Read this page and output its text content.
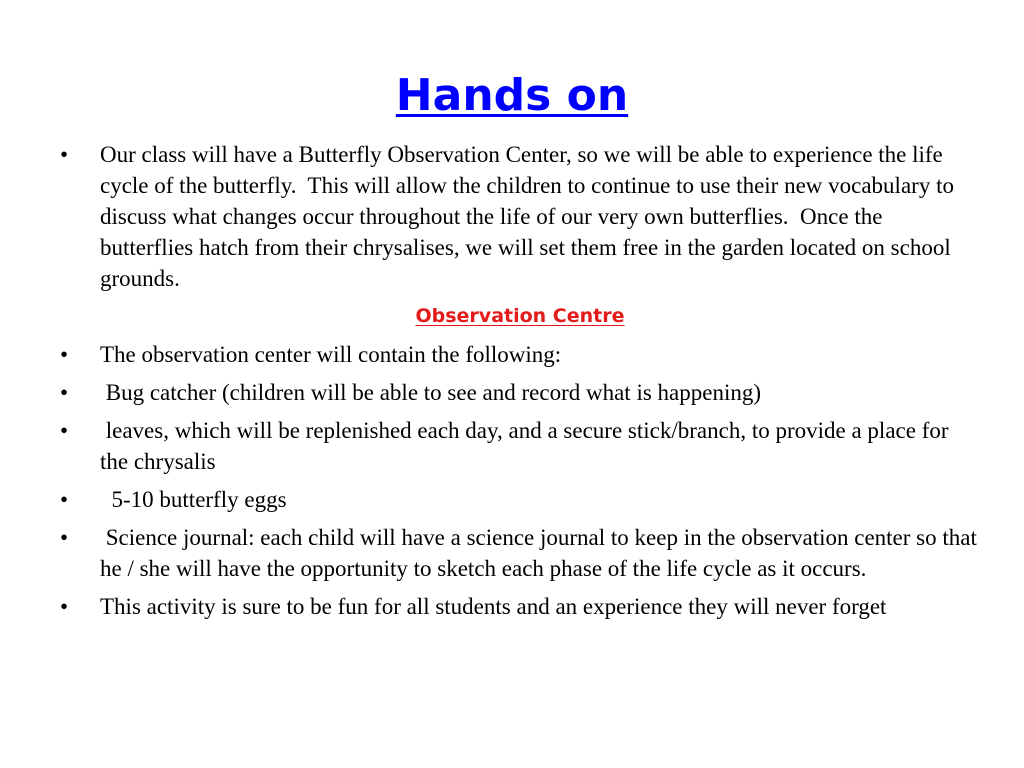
Hands on
• Our class will have a Butterfly Observation Center, so we will be able to experience the life cycle of the butterfly.  This will allow the children to continue to use their new vocabulary to discuss what changes occur throughout the life of our very own butterflies.  Once the butterflies hatch from their chrysalises, we will set them free in the garden located on school grounds.
Observation Centre
• The observation center will contain the following:
•  Bug catcher (children will be able to see and record what is happening)
•  leaves, which will be replenished each day, and a secure stick/branch, to provide a place for the chrysalis
•   5-10 butterfly eggs
•  Science journal: each child will have a science journal to keep in the observation center so that he / she will have the opportunity to sketch each phase of the life cycle as it occurs.
• This activity is sure to be fun for all students and an experience they will never forget
